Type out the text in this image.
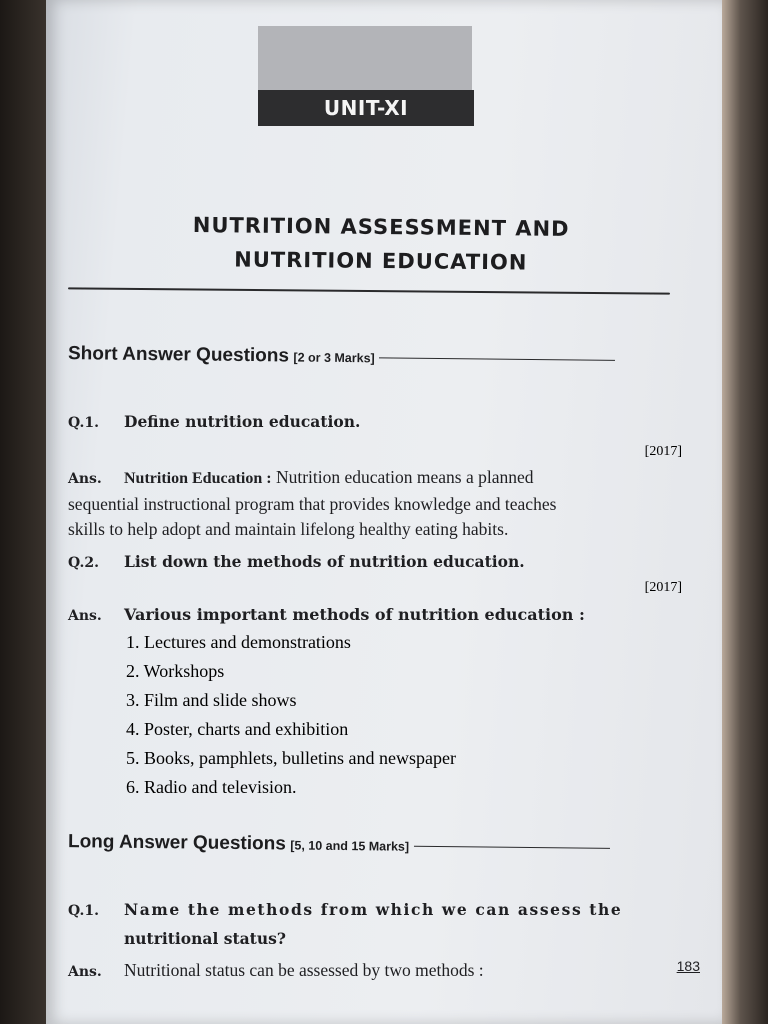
UNIT-XI
NUTRITION ASSESSMENT AND
NUTRITION EDUCATION
Short Answer Questions [2 or 3 Marks]
Q.1. Define nutrition education.
[2017]
Ans. Nutrition Education : Nutrition education means a planned
sequential instructional program that provides knowledge and teaches
skills to help adopt and maintain lifelong healthy eating habits.
Q.2. List down the methods of nutrition education.
[2017]
Ans. Various important methods of nutrition education :
1. Lectures and demonstrations
2. Workshops
3. Film and slide shows
4. Poster, charts and exhibition
5. Books, pamphlets, bulletins and newspaper
6. Radio and television.
Long Answer Questions [5, 10 and 15 Marks]
Q.1. Name the methods from which we can assess the
nutritional status?
Ans. Nutritional status can be assessed by two methods :	183
